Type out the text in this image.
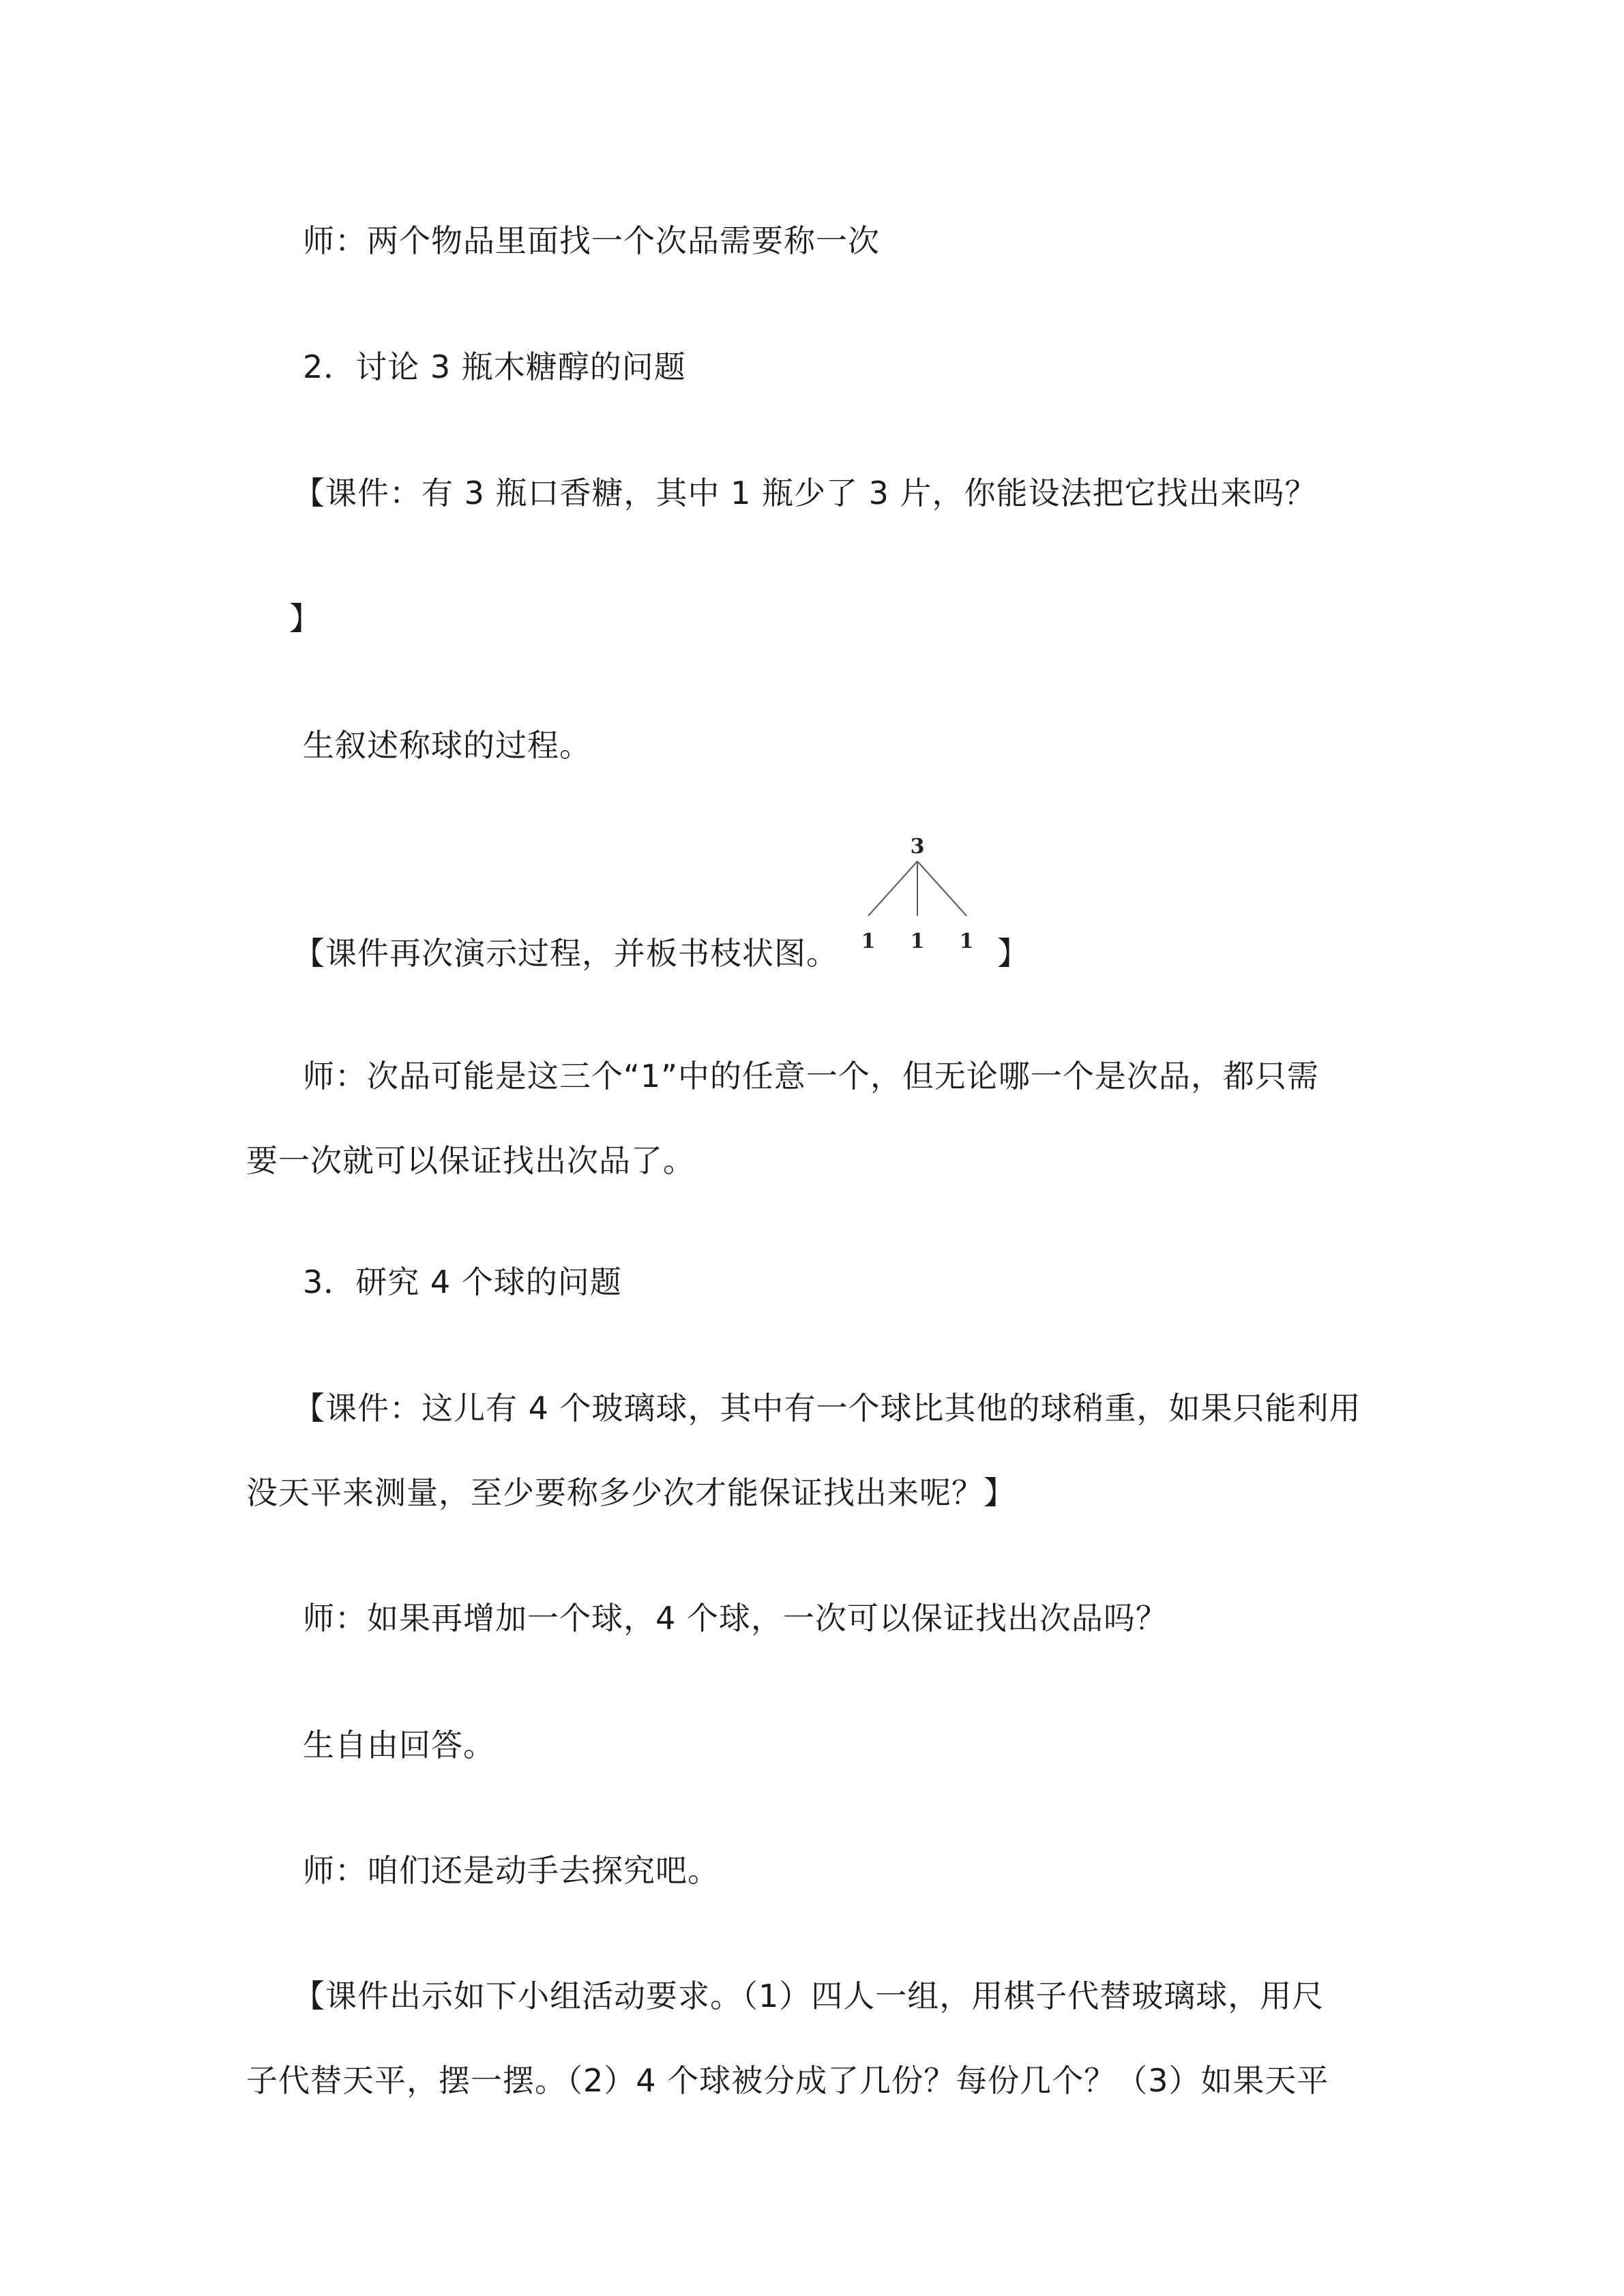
师：两个物品里面找一个次品需要称一次
2．讨论 3 瓶木糖醇的问题
【课件：有 3 瓶口香糖，其中 1 瓶少了 3 片，你能设法把它找出来吗？
】
生叙述称球的过程。
【课件再次演示过程，并板书枝状图。
3
1 1 1 】
师：次品可能是这三个“1”中的任意一个，但无论哪一个是次品，都只需
要一次就可以保证找出次品了。
3．研究 4 个球的问题
【课件：这儿有 4 个玻璃球，其中有一个球比其他的球稍重，如果只能利用
没天平来测量，至少要称多少次才能保证找出来呢？】
师：如果再增加一个球，4 个球，一次可以保证找出次品吗？
生自由回答。
师：咱们还是动手去探究吧。
【课件出示如下小组活动要求。（1）四人一组，用棋子代替玻璃球，用尺
子代替天平，摆一摆。（2）4 个球被分成了几份？每份几个？（3）如果天平
